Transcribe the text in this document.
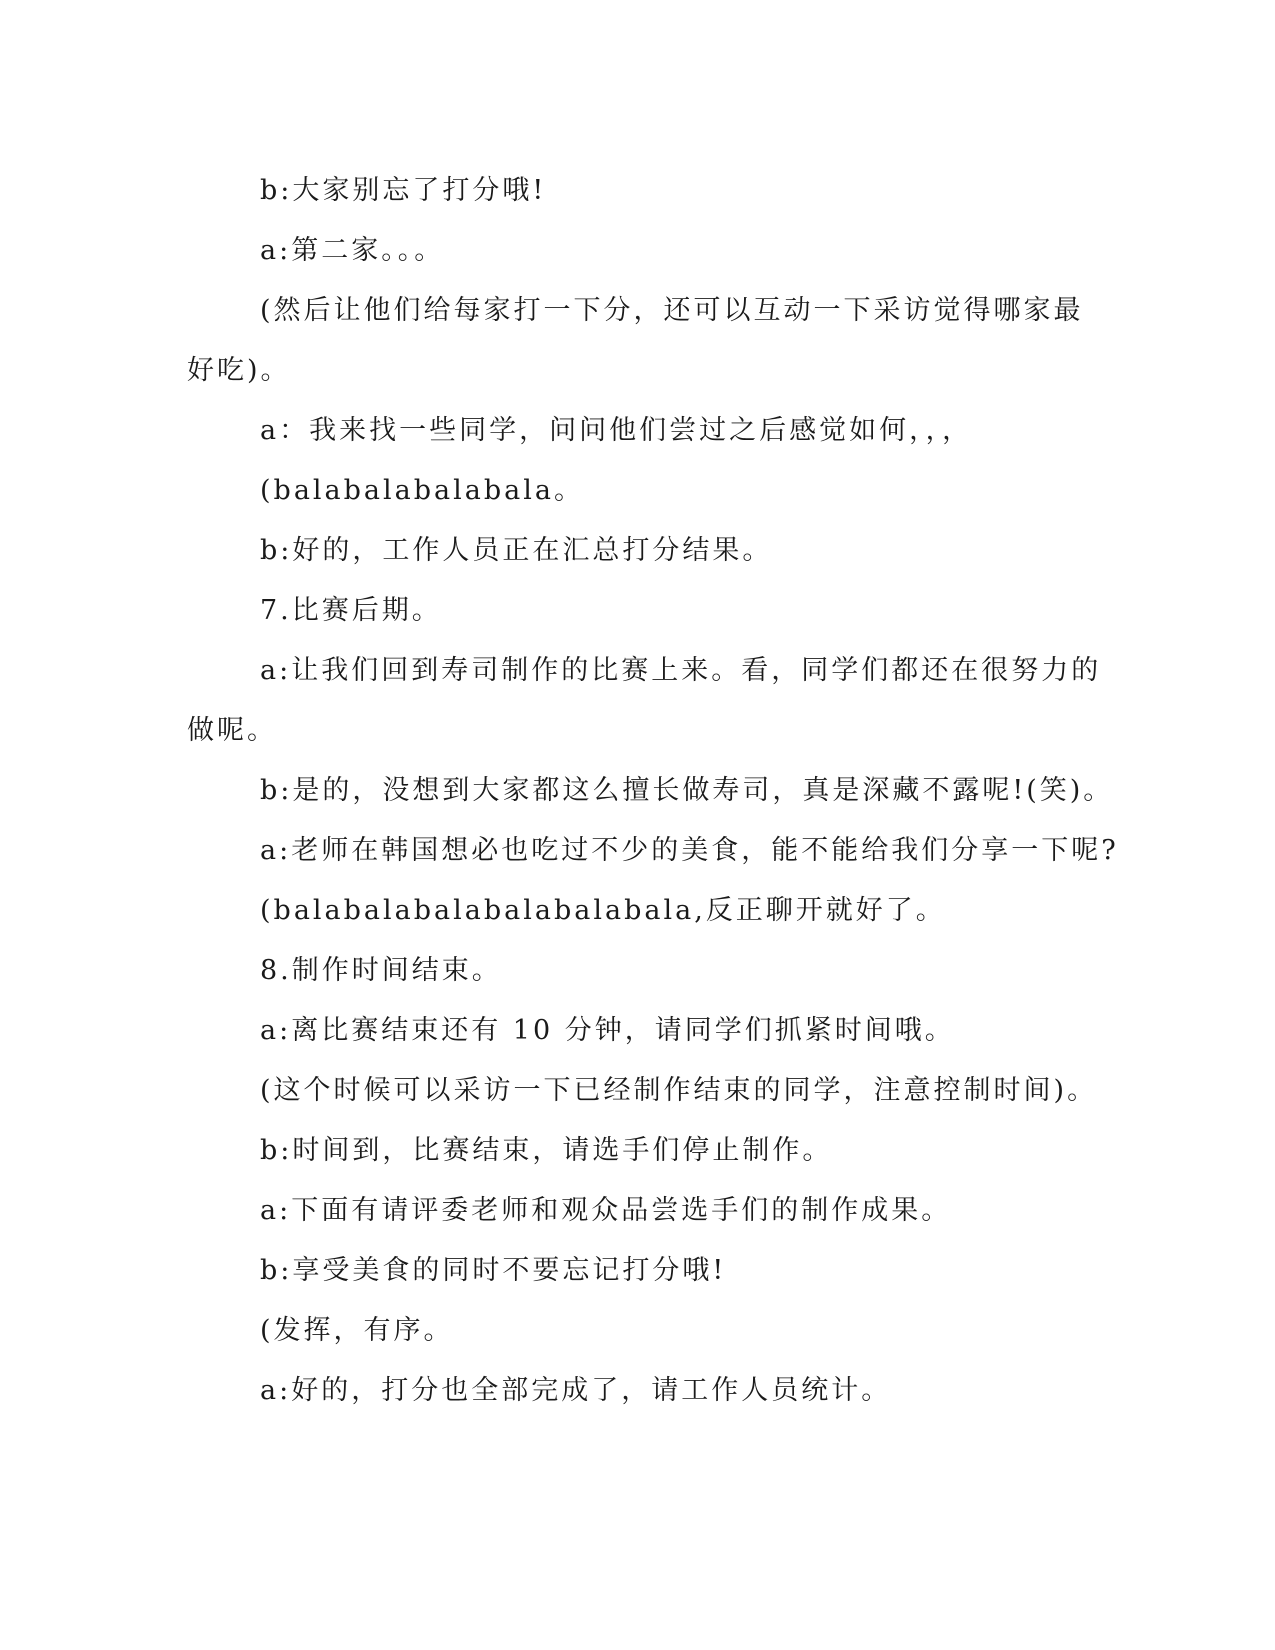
b:大家别忘了打分哦!
a:第二家。。。
(然后让他们给每家打一下分，还可以互动一下采访觉得哪家最
好吃)。
a：我来找一些同学，问问他们尝过之后感觉如何，，，
(balabalabalabala。
b:好的，工作人员正在汇总打分结果。
7.比赛后期。
a:让我们回到寿司制作的比赛上来。看，同学们都还在很努力的
做呢。
b:是的，没想到大家都这么擅长做寿司，真是深藏不露呢!(笑)。
a:老师在韩国想必也吃过不少的美食，能不能给我们分享一下呢?
(balabalabalabalabalabala,反正聊开就好了。
8.制作时间结束。
a:离比赛结束还有 10 分钟，请同学们抓紧时间哦。
(这个时候可以采访一下已经制作结束的同学，注意控制时间)。
b:时间到，比赛结束，请选手们停止制作。
a:下面有请评委老师和观众品尝选手们的制作成果。
b:享受美食的同时不要忘记打分哦!
(发挥，有序。
a:好的，打分也全部完成了，请工作人员统计。
